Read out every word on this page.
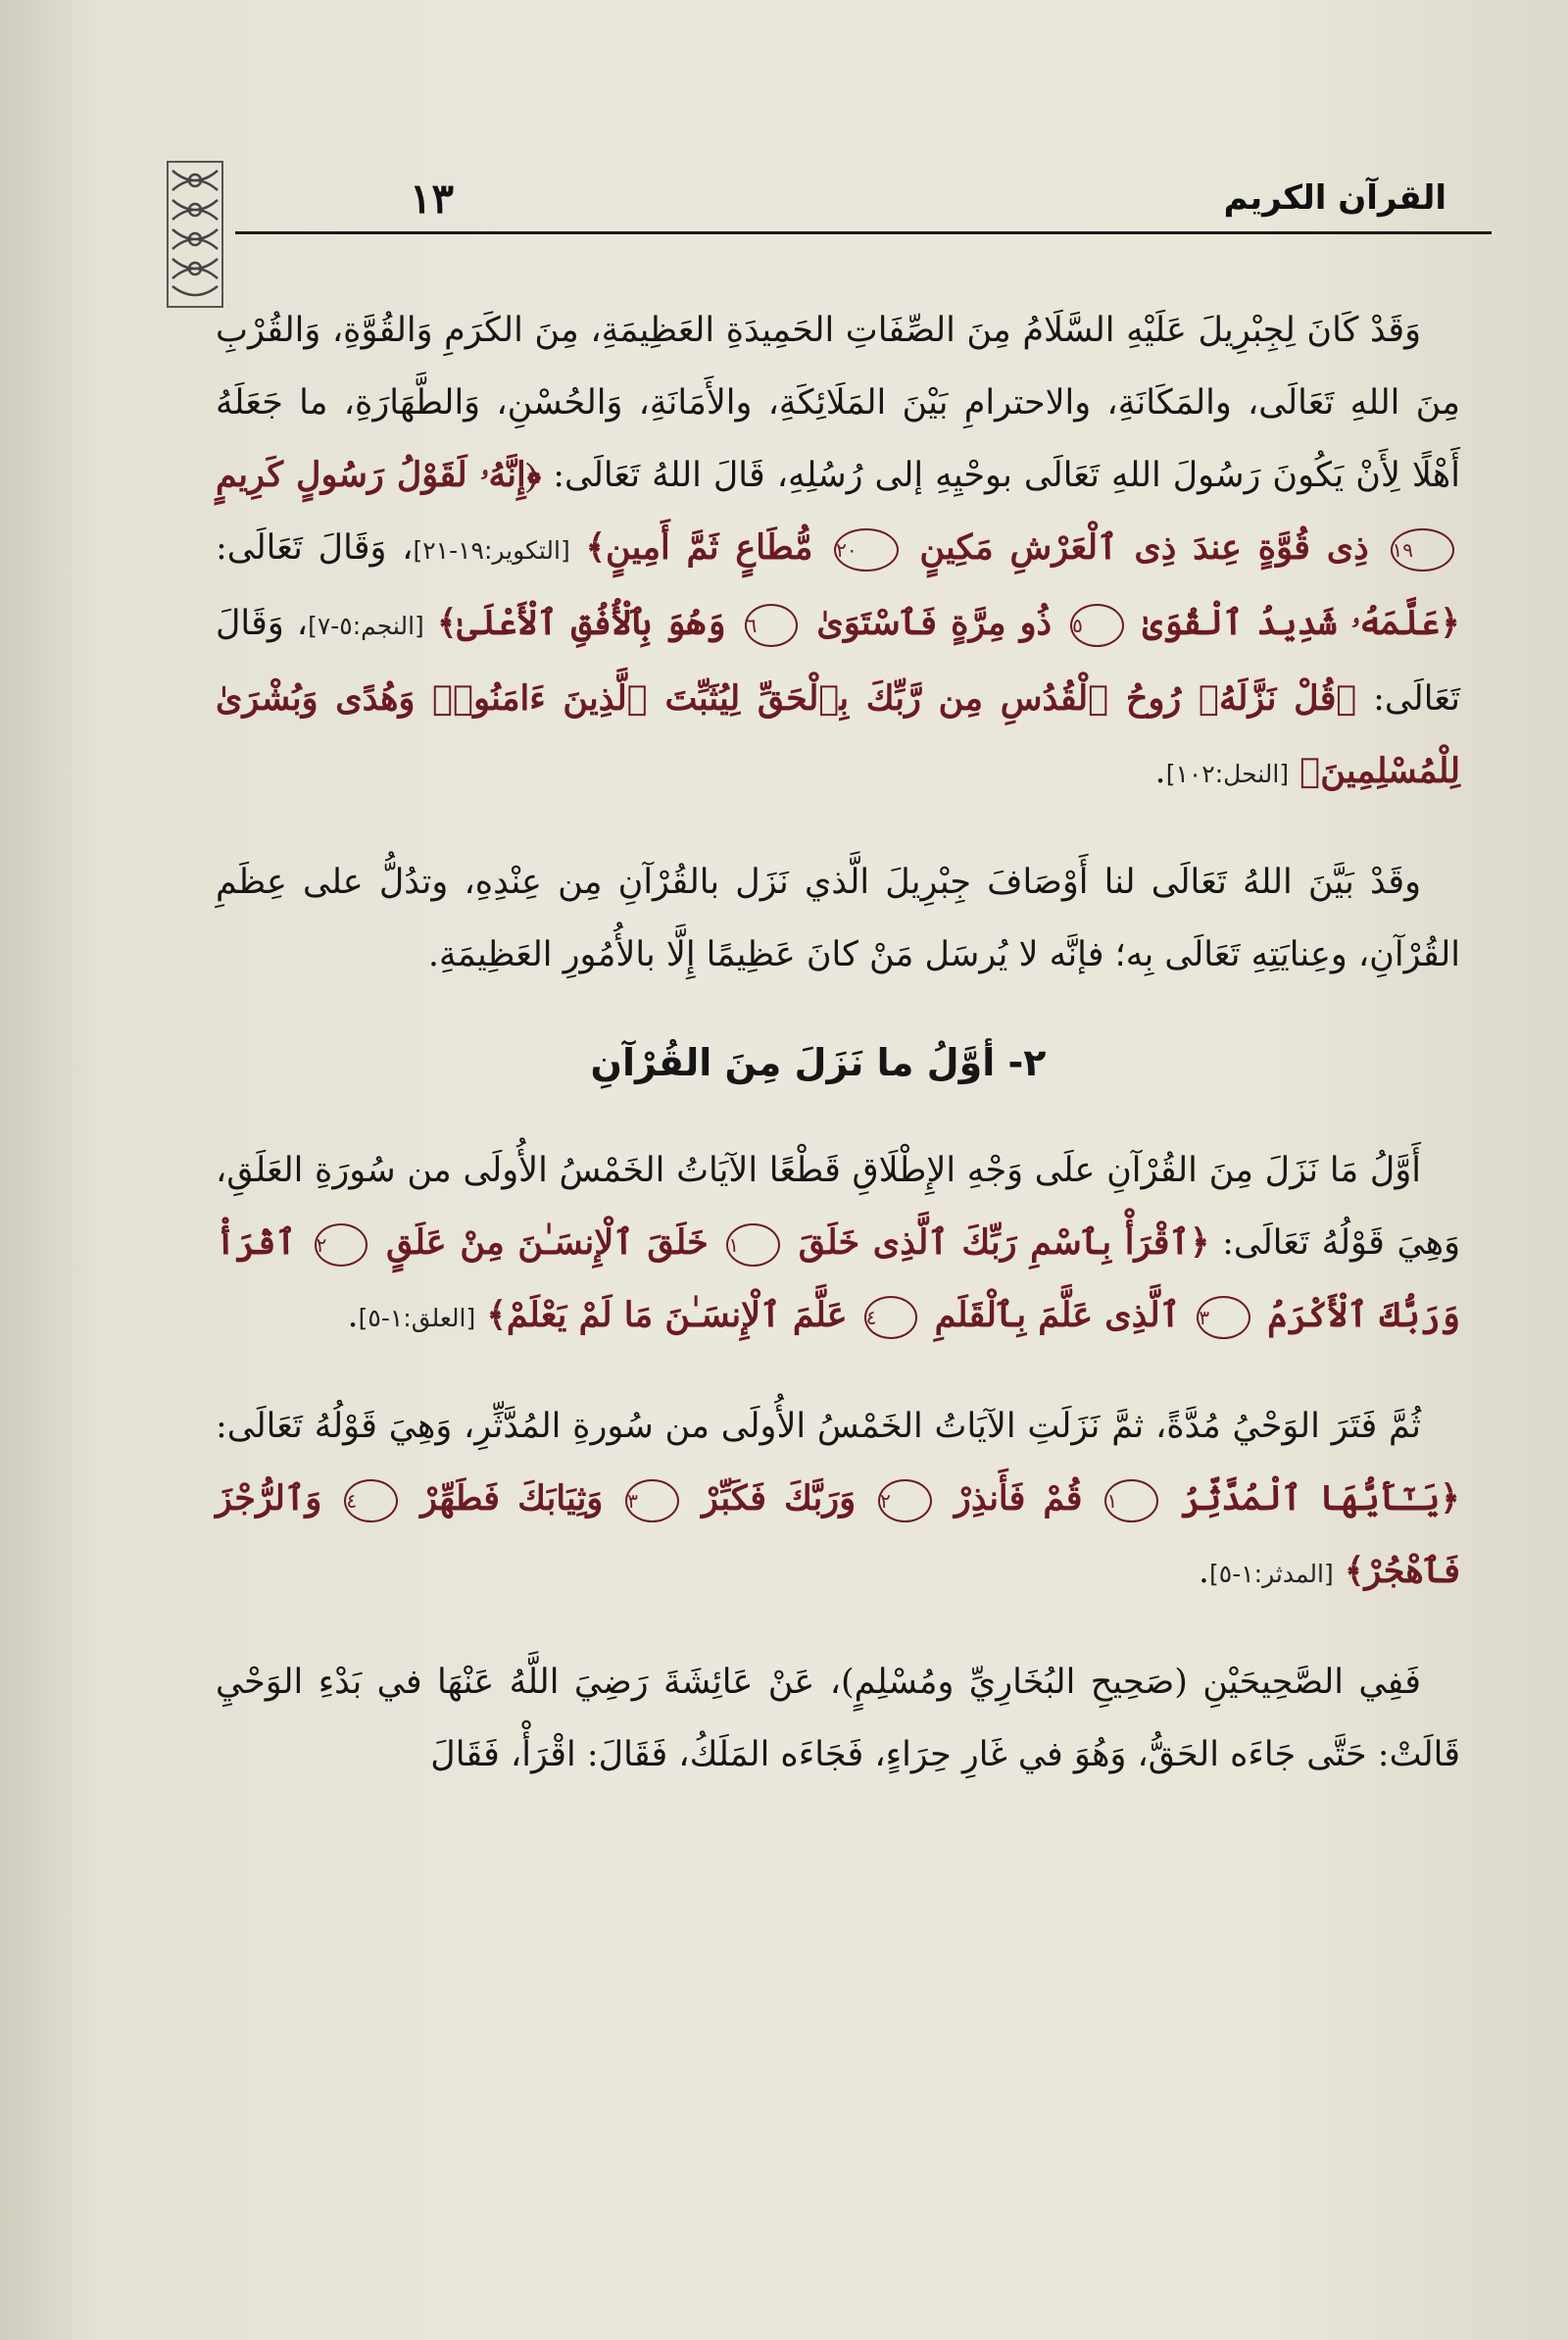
١٣	القرآن الكريم

وَقَدْ كَانَ لِجِبْرِيلَ عَلَيْهِ السَّلَامُ مِنَ الصِّفَاتِ الحَمِيدَةِ العَظِيمَةِ، مِنَ الكَرَمِ وَالقُوَّةِ، وَالقُرْبِ مِنَ اللهِ تَعَالَى، والمَكَانَةِ، والاحترامِ بَيْنَ المَلَائِكَةِ، والأَمَانَةِ، وَالحُسْنِ، وَالطَّهَارَةِ، ما جَعَلَهُ أَهْلًا لِأَنْ يَكُونَ رَسُولَ اللهِ تَعَالَى بوحْيِهِ إلى رُسُلِهِ، قَالَ اللهُ تَعَالَى: ﴿إِنَّهُۥ لَقَوْلُ رَسُولٍ كَرِيمٍ ١٩ ذِى قُوَّةٍ عِندَ ذِى ٱلْعَرْشِ مَكِينٍ ٢٠ مُّطَاعٍ ثَمَّ أَمِينٍ﴾ [التكوير:١٩-٢١]، وَقَالَ تَعَالَى: ﴿عَلَّمَهُۥ شَدِيدُ ٱلْقُوَىٰ ٥ ذُو مِرَّةٍ فَٱسْتَوَىٰ ٦ وَهُوَ بِٱلْأُفُقِ ٱلْأَعْلَىٰ﴾ [النجم:٥-٧]، وَقَالَ تَعَالَى: ﴿قُلْ نَزَّلَهُۥ رُوحُ ٱلْقُدُسِ مِن رَّبِّكَ بِٱلْحَقِّ لِيُثَبِّتَ ٱلَّذِينَ ءَامَنُوا۟ وَهُدًى وَبُشْرَىٰ لِلْمُسْلِمِينَ﴾ [النحل:١٠٢].

وقَدْ بَيَّنَ اللهُ تَعَالَى لنا أَوْصَافَ جِبْرِيلَ الَّذي نَزَل بالقُرْآنِ مِن عِنْدِهِ، وتدُلُّ على عِظَمِ القُرْآنِ، وعِنايَتِهِ تَعَالَى بِه؛ فإنَّه لا يُرسَل مَنْ كانَ عَظِيمًا إِلَّا بالأُمُورِ العَظِيمَةِ.

٢- أوَّلُ ما نَزَلَ مِنَ القُرْآنِ

أَوَّلُ مَا نَزَلَ مِنَ القُرْآنِ علَى وَجْهِ الإِطْلَاقِ قَطْعًا الآيَاتُ الخَمْسُ الأُولَى من سُورَةِ العَلَقِ، وَهِيَ قَوْلُهُ تَعَالَى: ﴿ٱقْرَأْ بِٱسْمِ رَبِّكَ ٱلَّذِى خَلَقَ ١ خَلَقَ ٱلْإِنسَـٰنَ مِنْ عَلَقٍ ٢ ٱقْرَأْ وَرَبُّكَ ٱلْأَكْرَمُ ٣ ٱلَّذِى عَلَّمَ بِٱلْقَلَمِ ٤ عَلَّمَ ٱلْإِنسَـٰنَ مَا لَمْ يَعْلَمْ﴾ [العلق:١-٥].

ثُمَّ فَتَرَ الوَحْيُ مُدَّةً، ثمَّ نَزَلَتِ الآيَاتُ الخَمْسُ الأُولَى من سُورةِ المُدَّثِّرِ، وَهِيَ قَوْلُهُ تَعَالَى: ﴿يَـٰٓأَيُّهَا ٱلْمُدَّثِّرُ ١ قُمْ فَأَنذِرْ ٢ وَرَبَّكَ فَكَبِّرْ ٣ وَثِيَابَكَ فَطَهِّرْ ٤ وَٱلرُّجْزَ فَٱهْجُرْ﴾ [المدثر:١-٥].

فَفِي الصَّحِيحَيْنِ (صَحِيحِ البُخَارِيِّ ومُسْلِمٍ)، عَنْ عَائِشَةَ رَضِيَ اللَّهُ عَنْهَا في بَدْءِ الوَحْيِ قَالَتْ: حَتَّى جَاءَه الحَقُّ، وَهُوَ في غَارِ حِرَاءٍ، فَجَاءَه المَلَكُ، فَقَالَ: اقْرَأْ، فَقَالَ
